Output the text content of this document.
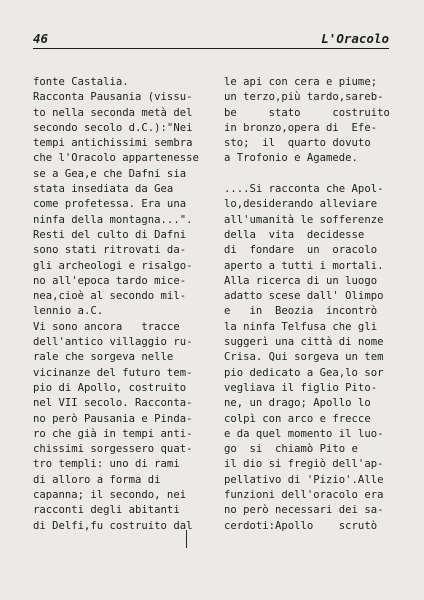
46	L'Oracolo
fonte Castalia.
Racconta Pausania (vissu-
to nella seconda metà del
secondo secolo d.C.):"Nei
tempi antichissimi sembra
che l'Oracolo appartenesse
se a Gea,e che Dafni sia
stata insediata da Gea
come profetessa. Era una
ninfa della montagna...".
Resti del culto di Dafni
sono stati ritrovati da-
gli archeologi e risalgo-
no all'epoca tardo mice-
nea,cioè al secondo mil-
lennio a.C.
Vi sono ancora   tracce
dell'antico villaggio ru-
rale che sorgeva nelle
vicinanze del futuro tem-
pio di Apollo, costruito
nel VII secolo. Racconta-
no però Pausania e Pinda-
ro che già in tempi anti-
chissimi sorgessero quat-
tro templi: uno di rami
di allоro a forma di
capanna; il secondo, nei
racconti degli abitanti
di Delfi,fu costruito dal
le api con cera e piume;
un terzo,più tardo,sareb-
be     stato     costruito
in bronzo,opera di  Efe-
sto;  il  quarto dovuto
a Trofonio e Agamede.
....Si racconta che Apol-
lo,desiderando alleviare
all'umanità le sofferenze
della  vita  decidesse
di  fondare  un  oracolo
aperto a tutti i mortali.
Alla ricerca di un luogo
adatto scese dall' Olimpo
e   in  Beozia  incontrò
la ninfa Telfusa che gli
suggerì una città di nome
Crisa. Qui sorgeva un tem
pio dedicato a Gea,lo sor
vegliava il figlio Pito-
ne, un drago; Apollo lo
colpì con arco e frecce
e da quel momento il luo-
go  si  chiamò Pito e
il dio si fregiò dell'ap-
pellativo di 'Pizio'.Alle
funzioni dell'oracolo era
no però necessari dei sa-
cerdoti:Apollo    scrutò
